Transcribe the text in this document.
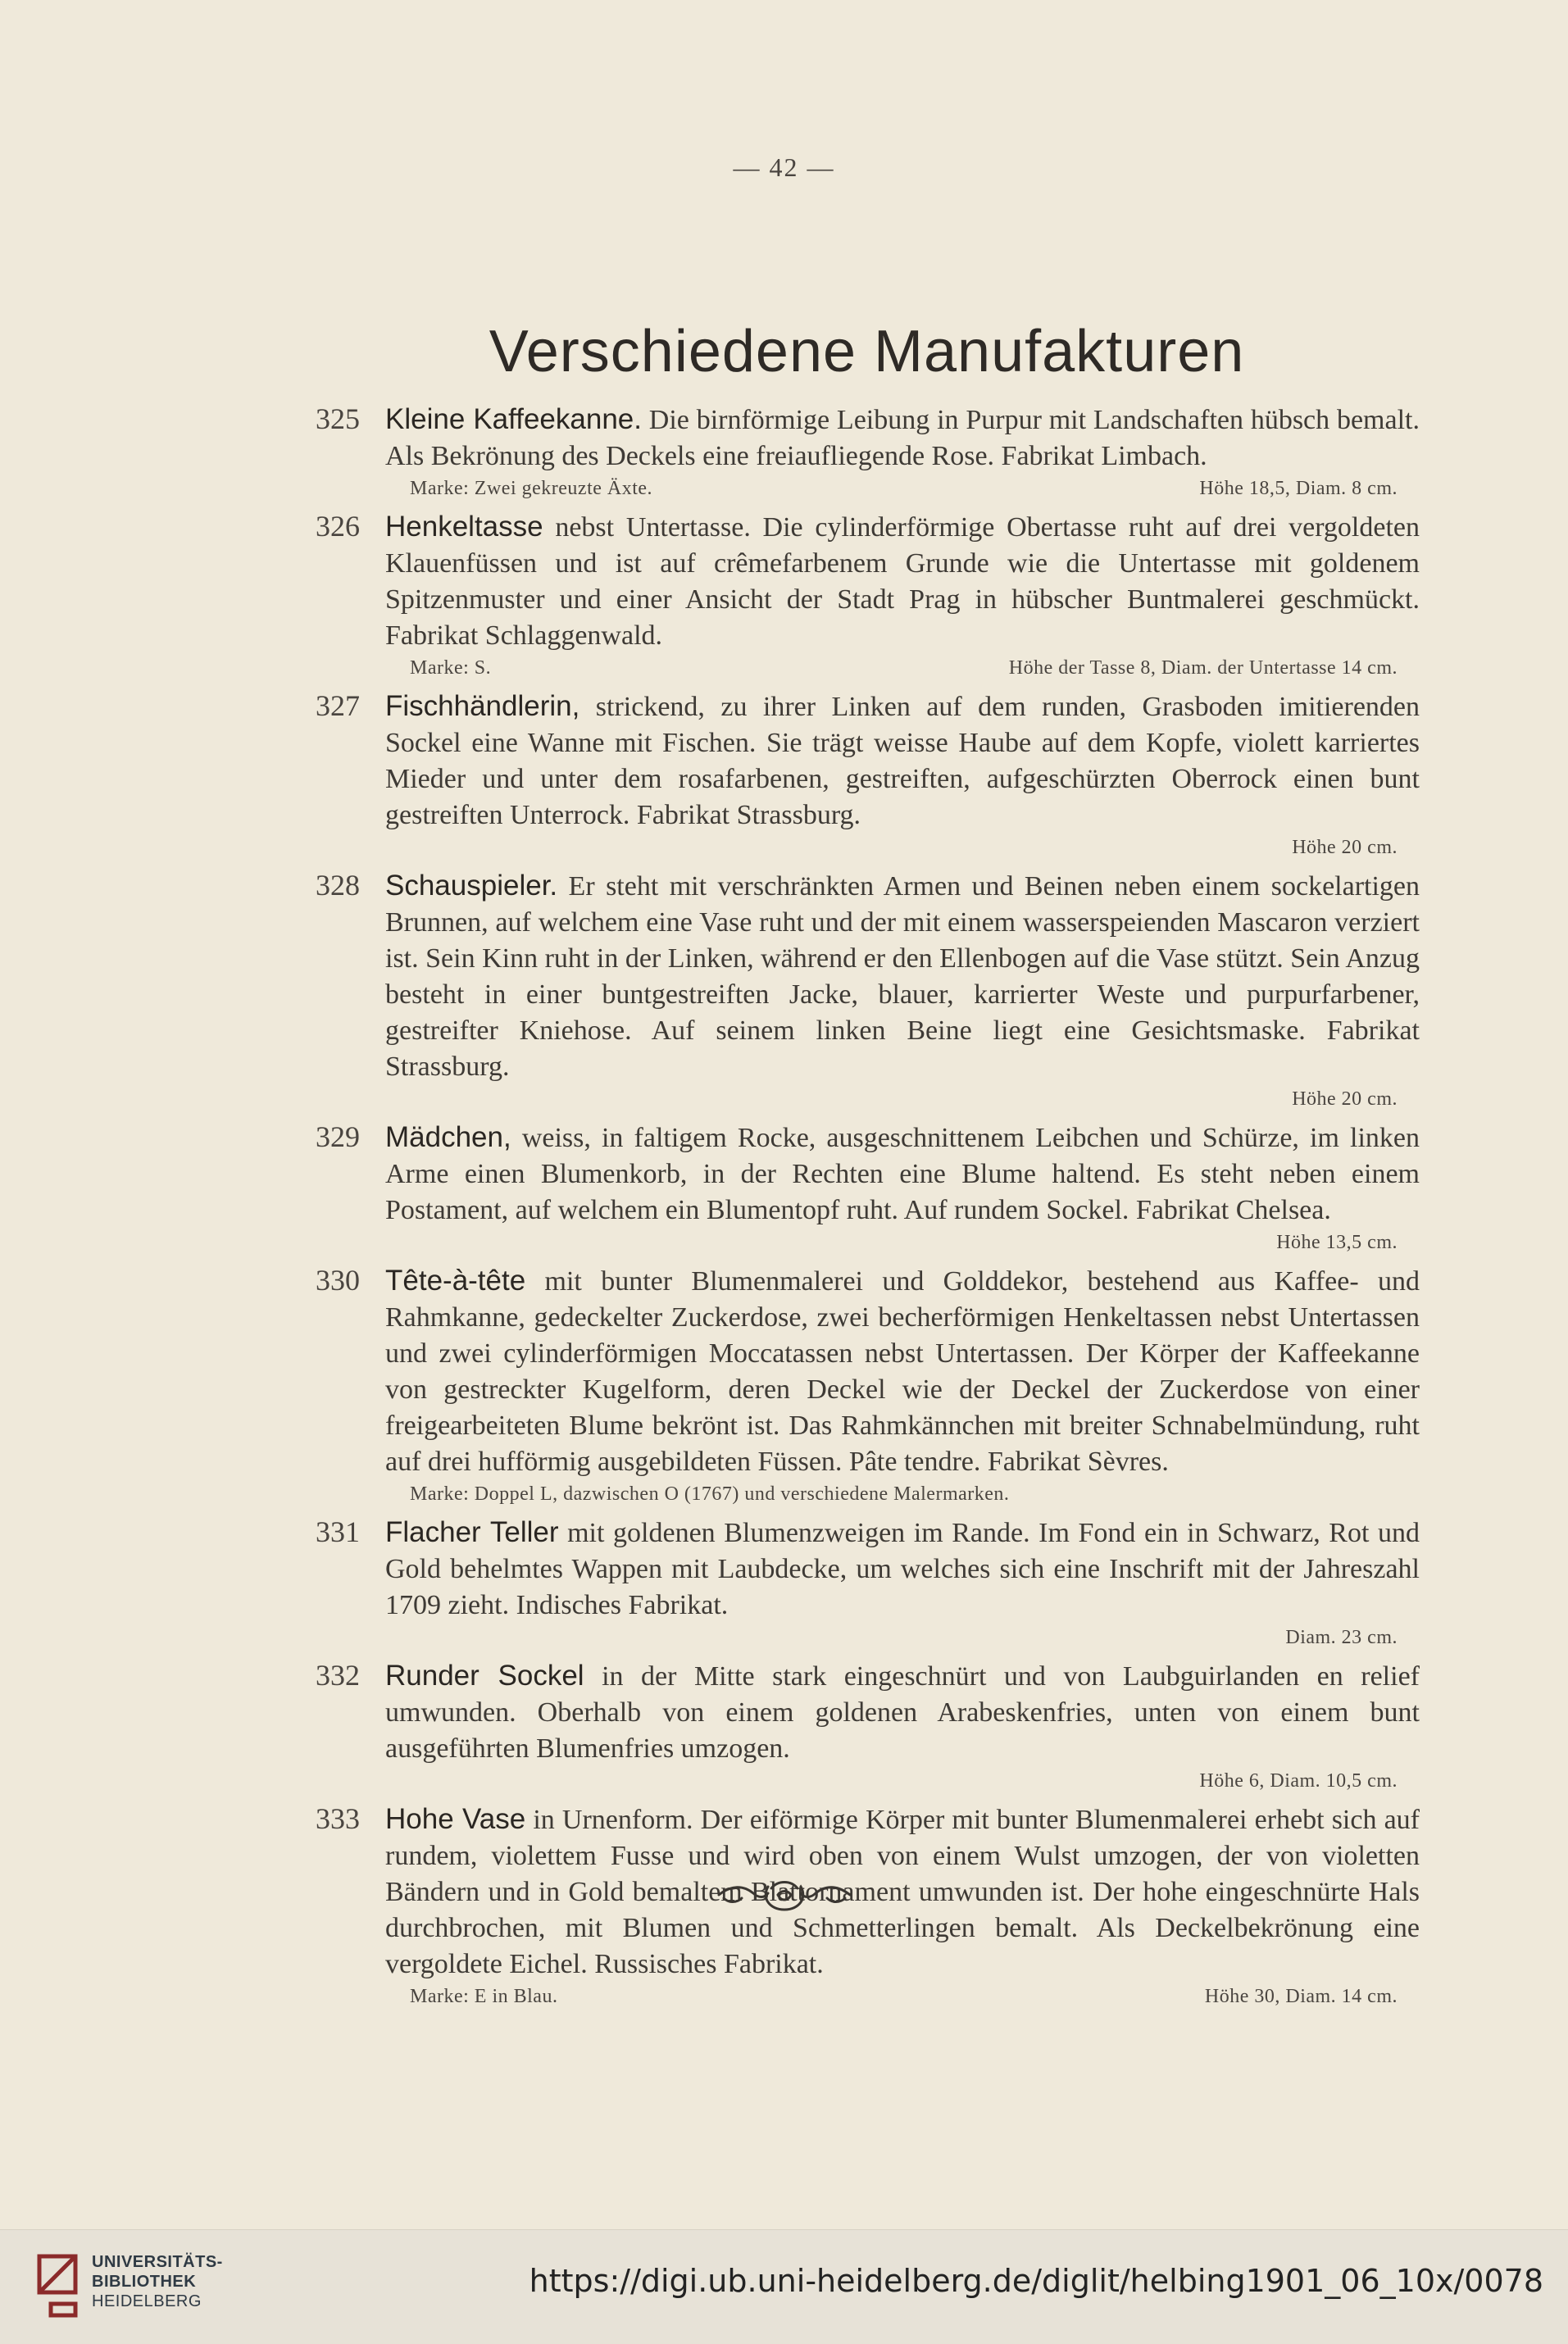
— 42 —
Verschiedene Manufakturen
325 Kleine Kaffeekanne. Die birnförmige Leibung in Purpur mit Landschaften hübsch bemalt. Als Bekrönung des Deckels eine freiaufliegende Rose. Fabrikat Limbach.
Marke: Zwei gekreuzte Äxte.	Höhe 18,5, Diam. 8 cm.
326 Henkeltasse nebst Untertasse. Die cylinderförmige Obertasse ruht auf drei vergoldeten Klauenfüssen und ist auf crêmefarbenem Grunde wie die Untertasse mit goldenem Spitzenmuster und einer Ansicht der Stadt Prag in hübscher Buntmalerei geschmückt. Fabrikat Schlaggenwald.
Marke: S.	Höhe der Tasse 8, Diam. der Untertasse 14 cm.
327 Fischhändlerin, strickend, zu ihrer Linken auf dem runden, Grasboden imitierenden Sockel eine Wanne mit Fischen. Sie trägt weisse Haube auf dem Kopfe, violett karriertes Mieder und unter dem rosafarbenen, gestreiften, aufgeschürzten Oberrock einen bunt gestreiften Unterrock. Fabrikat Strassburg.
Höhe 20 cm.
328 Schauspieler. Er steht mit verschränkten Armen und Beinen neben einem sockelartigen Brunnen, auf welchem eine Vase ruht und der mit einem wasserspeienden Mascaron verziert ist. Sein Kinn ruht in der Linken, während er den Ellenbogen auf die Vase stützt. Sein Anzug besteht in einer buntgestreiften Jacke, blauer, karrierter Weste und purpurfarbener, gestreifter Kniehose. Auf seinem linken Beine liegt eine Gesichtsmaske. Fabrikat Strassburg.
Höhe 20 cm.
329 Mädchen, weiss, in faltigem Rocke, ausgeschnittenem Leibchen und Schürze, im linken Arme einen Blumenkorb, in der Rechten eine Blume haltend. Es steht neben einem Postament, auf welchem ein Blumentopf ruht. Auf rundem Sockel. Fabrikat Chelsea.
Höhe 13,5 cm.
330 Tête-à-tête mit bunter Blumenmalerei und Golddekor, bestehend aus Kaffee- und Rahmkanne, gedeckelter Zuckerdose, zwei becherförmigen Henkeltassen nebst Untertassen und zwei cylinderförmigen Moccatassen nebst Untertassen. Der Körper der Kaffeekanne von gestreckter Kugelform, deren Deckel wie der Deckel der Zuckerdose von einer freigearbeiteten Blume bekrönt ist. Das Rahmkännchen mit breiter Schnabelmündung, ruht auf drei hufförmig ausgebildeten Füssen. Pâte tendre. Fabrikat Sèvres.
Marke: Doppel L, dazwischen O (1767) und verschiedene Malermarken.
331 Flacher Teller mit goldenen Blumenzweigen im Rande. Im Fond ein in Schwarz, Rot und Gold behelmtes Wappen mit Laubdecke, um welches sich eine Inschrift mit der Jahreszahl 1709 zieht. Indisches Fabrikat.
Diam. 23 cm.
332 Runder Sockel in der Mitte stark eingeschnürt und von Laubguirlanden en relief umwunden. Oberhalb von einem goldenen Arabeskenfries, unten von einem bunt ausgeführten Blumenfries umzogen.
Höhe 6, Diam. 10,5 cm.
333 Hohe Vase in Urnenform. Der eiförmige Körper mit bunter Blumenmalerei erhebt sich auf rundem, violettem Fusse und wird oben von einem Wulst umzogen, der von violetten Bändern und in Gold bemaltem Blattornament umwunden ist. Der hohe eingeschnürte Hals durchbrochen, mit Blumen und Schmetterlingen bemalt. Als Deckelbekrönung eine vergoldete Eichel. Russisches Fabrikat.
Marke: E in Blau.	Höhe 30, Diam. 14 cm.
UNIVERSITÄTS-
BIBLIOTHEK
HEIDELBERG
https://digi.ub.uni-heidelberg.de/diglit/helbing1901_06_10x/0078
